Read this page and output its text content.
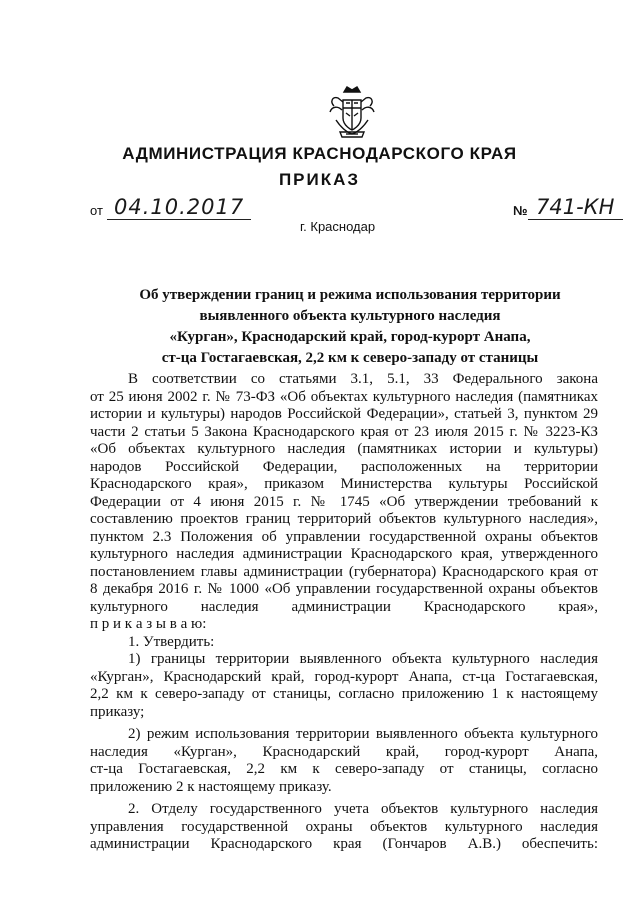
АДМИНИСТРАЦИЯ КРАСНОДАРСКОГО КРАЯ
ПРИКАЗ
от 04.10.2017
г. Краснодар
№ 741-КН
Об утверждении границ и режима использования территории
выявленного объекта культурного наследия
«Курган», Краснодарский край, город-курорт Анапа,
ст-ца Гостагаевская, 2,2 км к северо-западу от станицы
В соответствии со статьями 3.1, 5.1, 33 Федерального закона
от 25 июня 2002 г. № 73-ФЗ «Об объектах культурного наследия (памятниках
истории и культуры) народов Российской Федерации», статьей 3, пунктом 29
части 2 статьи 5 Закона Краснодарского края от 23 июля 2015 г. № 3223-КЗ
«Об объектах культурного наследия (памятниках истории и культуры)
народов Российской Федерации, расположенных на территории
Краснодарского края», приказом Министерства культуры Российской
Федерации от 4 июня 2015 г. № 1745 «Об утверждении требований к
составлению проектов границ территорий объектов культурного наследия»,
пунктом 2.3 Положения об управлении государственной охраны объектов
культурного наследия администрации Краснодарского края, утвержденного
постановлением главы администрации (губернатора) Краснодарского края от
8 декабря 2016 г. № 1000 «Об управлении государственной охраны объектов
культурного наследия администрации Краснодарского края»,
п р и к а з ы в а ю:
1. Утвердить:
1) границы территории выявленного объекта культурного наследия
«Курган», Краснодарский край, город-курорт Анапа, ст-ца Гостагаевская,
2,2 км к северо-западу от станицы, согласно приложению 1 к настоящему
приказу;
2) режим использования территории выявленного объекта культурного
наследия «Курган», Краснодарский край, город-курорт Анапа,
ст-ца Гостагаевская, 2,2 км к северо-западу от станицы, согласно
приложению 2 к настоящему приказу.
2. Отделу государственного учета объектов культурного наследия
управления государственной охраны объектов культурного наследия
администрации Краснодарского края (Гончаров А.В.) обеспечить:
